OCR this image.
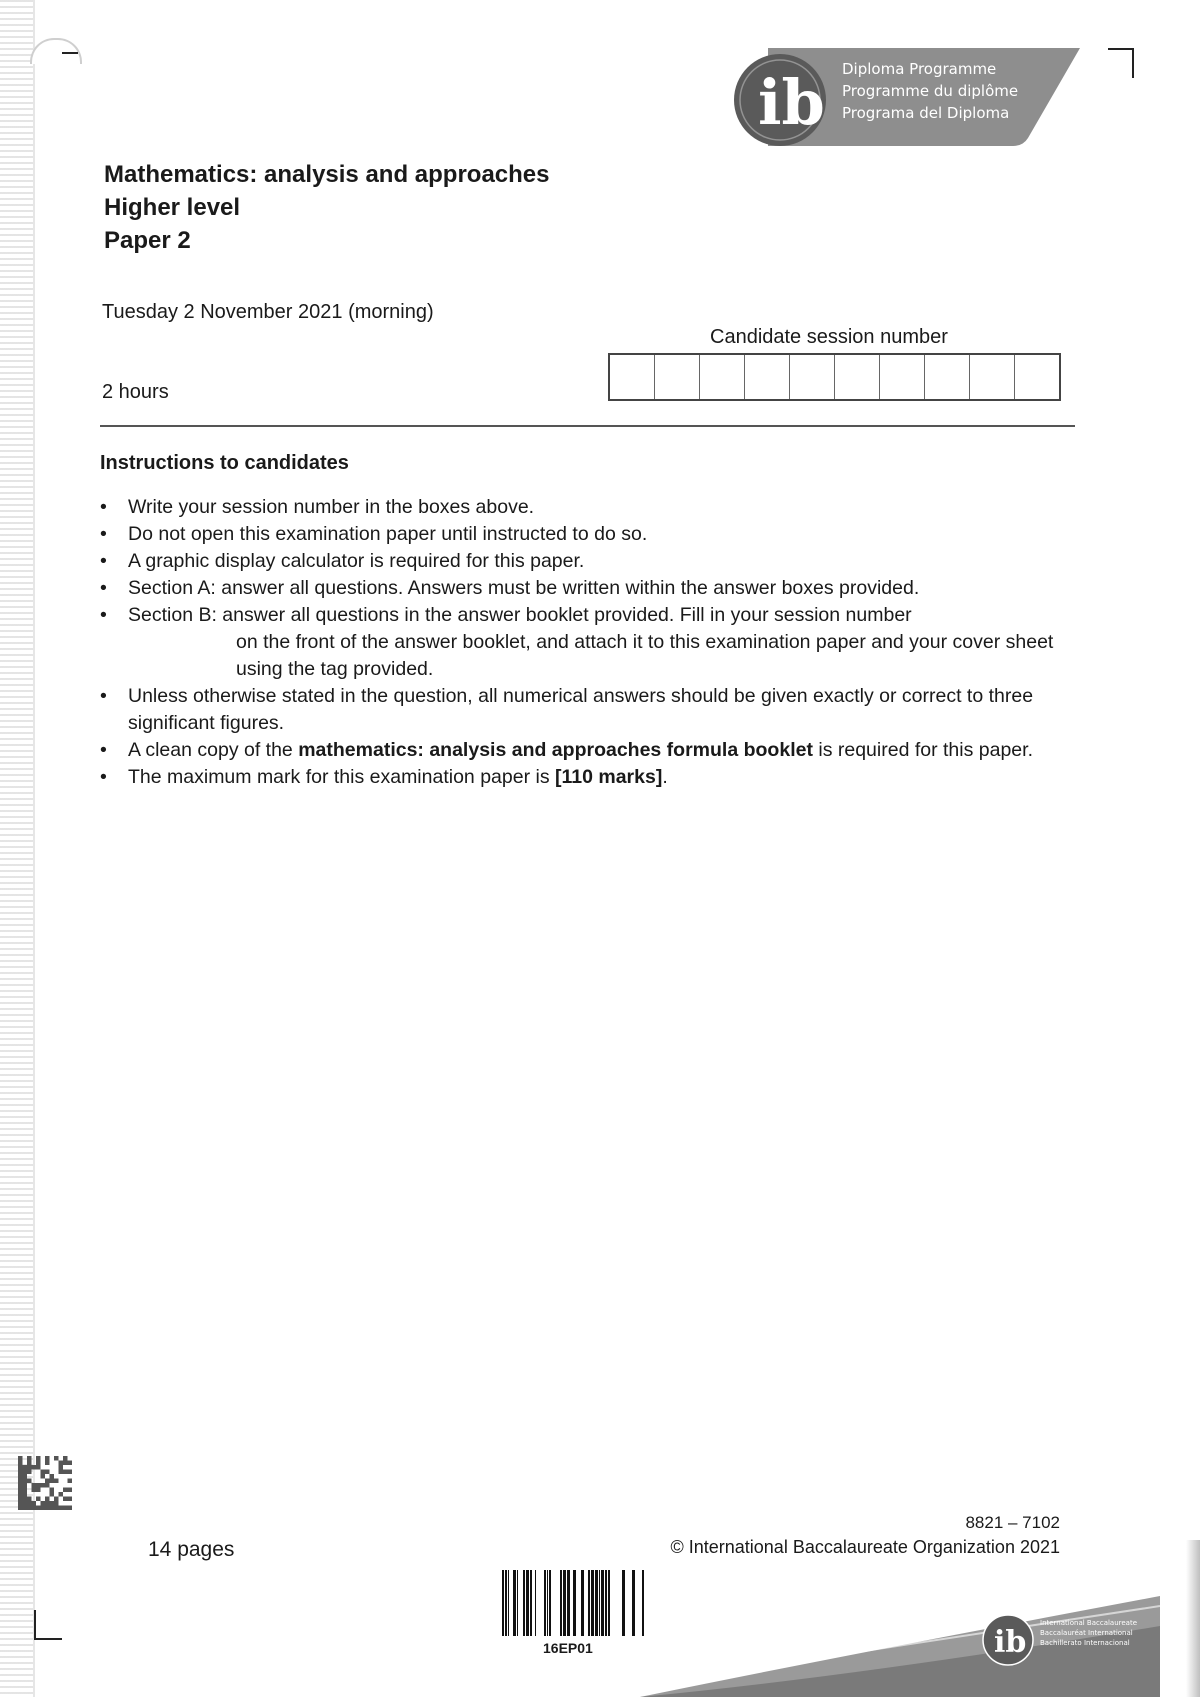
ib Diploma Programme
Programme du diplôme
Programa del Diploma
Mathematics: analysis and approaches
Higher level
Paper 2
Tuesday 2 November 2021 (morning)
2 hours
Candidate session number
Instructions to candidates
• Write your session number in the boxes above.
• Do not open this examination paper until instructed to do so.
• A graphic display calculator is required for this paper.
• Section A: answer all questions. Answers must be written within the answer boxes provided.
• Section B: answer all questions in the answer booklet provided. Fill in your session number
on the front of the answer booklet, and attach it to this examination paper and your cover sheet using the tag provided.
• Unless otherwise stated in the question, all numerical answers should be given exactly or correct to three significant figures.
• A clean copy of the mathematics: analysis and approaches formula booklet is required for this paper.
• The maximum mark for this examination paper is [110 marks].
14 pages
8821 – 7102
© International Baccalaureate Organization 2021
16EP01	ib
International Baccalaureate
Baccalauréat International
Bachillerato Internacional
